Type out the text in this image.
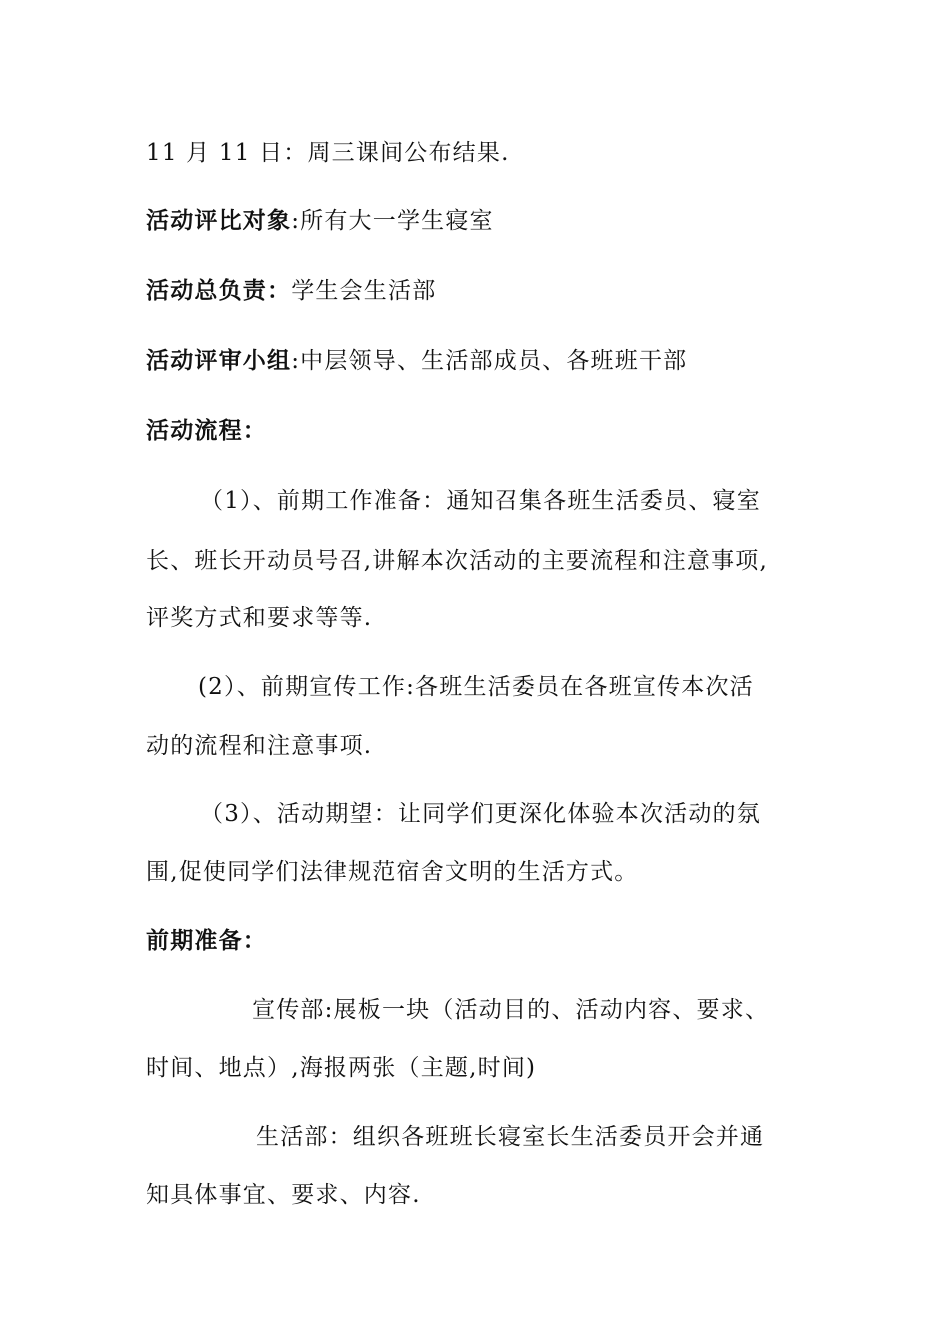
11 月 11 日：周三课间公布结果.
活动评比对象:所有大一学生寝室
活动总负责：学生会生活部
活动评审小组:中层领导、生活部成员、各班班干部
活动流程：
（1）、前期工作准备：通知召集各班生活委员、寝室
长、班长开动员号召,讲解本次活动的主要流程和注意事项,
评奖方式和要求等等.
(2）、前期宣传工作:各班生活委员在各班宣传本次活
动的流程和注意事项.
（3）、活动期望：让同学们更深化体验本次活动的氛
围,促使同学们法律规范宿舍文明的生活方式。
前期准备：
宣传部:展板一块（活动目的、活动内容、要求、
时间、地点）,海报两张（主题,时间)
生活部：组织各班班长寝室长生活委员开会并通
知具体事宜、要求、内容.
